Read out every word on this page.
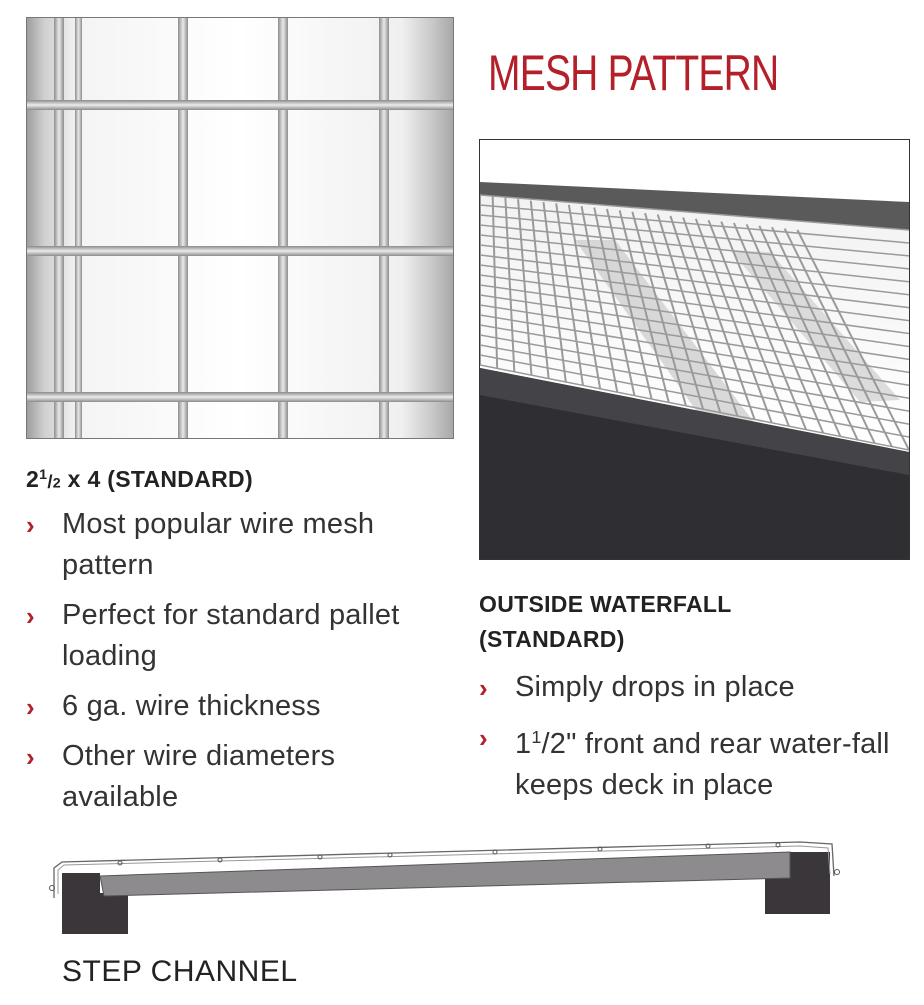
MESH PATTERN
$2^1/2$ x 4 (STANDARD)
› Most popular wire mesh pattern
› Perfect for standard pallet loading
› 6 ga. wire thickness
› Other wire diameters available
OUTSIDE WATERFALL
(STANDARD)
› Simply drops in place
› $1^1/2$" front and rear water-fall keeps deck in place
STEP CHANNEL
